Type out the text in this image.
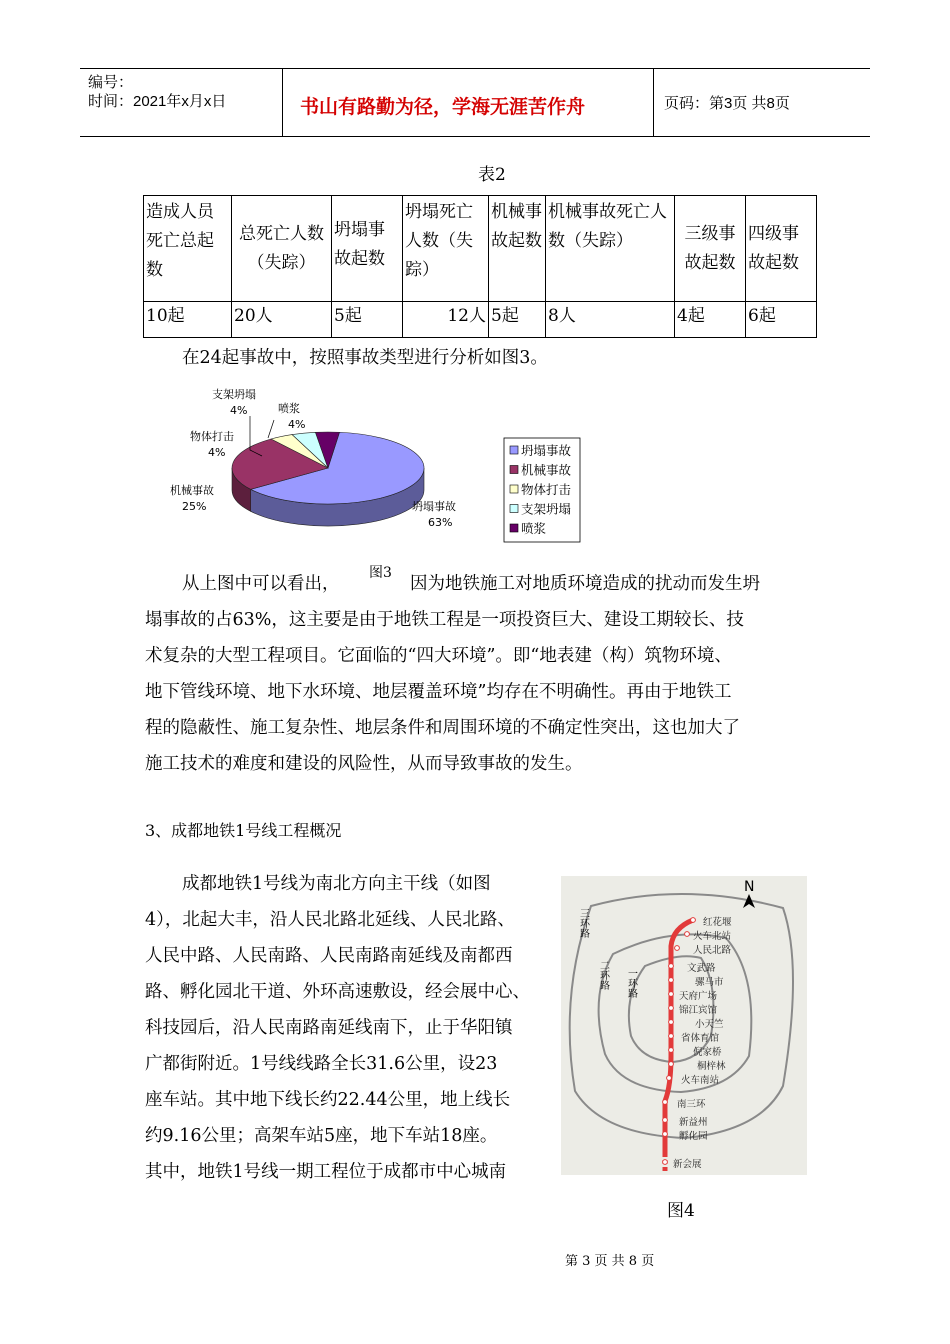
编号：
时间：2021年x月x日	书山有路勤为径，学海无涯苦作舟	页码：第3页 共8页
表2
造成人员死亡总起数	总死亡人数（失踪）	坍塌事故起数	坍塌死亡人数（失踪）	机械事故起数	机械事故死亡人数（失踪）	三级事故起数	四级事故起数
10起	20人	5起	12人	5起	8人	4起	6起
在24起事故中，按照事故类型进行分析如图3。
坍塌事故
63%
机械事故
25%
物体打击
4%
支架坍塌
4%	喷浆
4%
坍塌事故
机械事故
物体打击
支架坍塌
喷浆
图3
从上图中可以看出，	因为地铁施工对地质环境造成的扰动而发生坍
塌事故的占63%，这主要是由于地铁工程是一项投资巨大、建设工期较长、技
术复杂的大型工程项目。它面临的“四大环境”。即“地表建（构）筑物环境、
地下管线环境、地下水环境、地层覆盖环境”均存在不明确性。再由于地铁工
程的隐蔽性、施工复杂性、地层条件和周围环境的不确定性突出，这也加大了
施工技术的难度和建设的风险性，从而导致事故的发生。
3、成都地铁1号线工程概况
成都地铁1号线为南北方向主干线（如图
4），北起大丰，沿人民北路北延线、人民北路、
人民中路、人民南路、人民南路南延线及南都西
路、孵化园北干道、外环高速敷设，经会展中心、
科技园后，沿人民南路南延线南下，止于华阳镇
广都街附近。1号线线路全长31.6公里，设23
座车站。其中地下线长约22.44公里，地上线长
约9.16公里；高架车站5座，地下车站18座。
其中，地铁1号线一期工程位于成都市中心城南
红花堰
火车北站
人民北路
文武路
骡马市
天府广场
锦江宾馆
小天竺
省体育馆
倪家桥
桐梓林
火车南站
南三环
新益州
孵化园
新会展
N
三环路
二环路 一环路
图4
第 3 页 共 8 页
